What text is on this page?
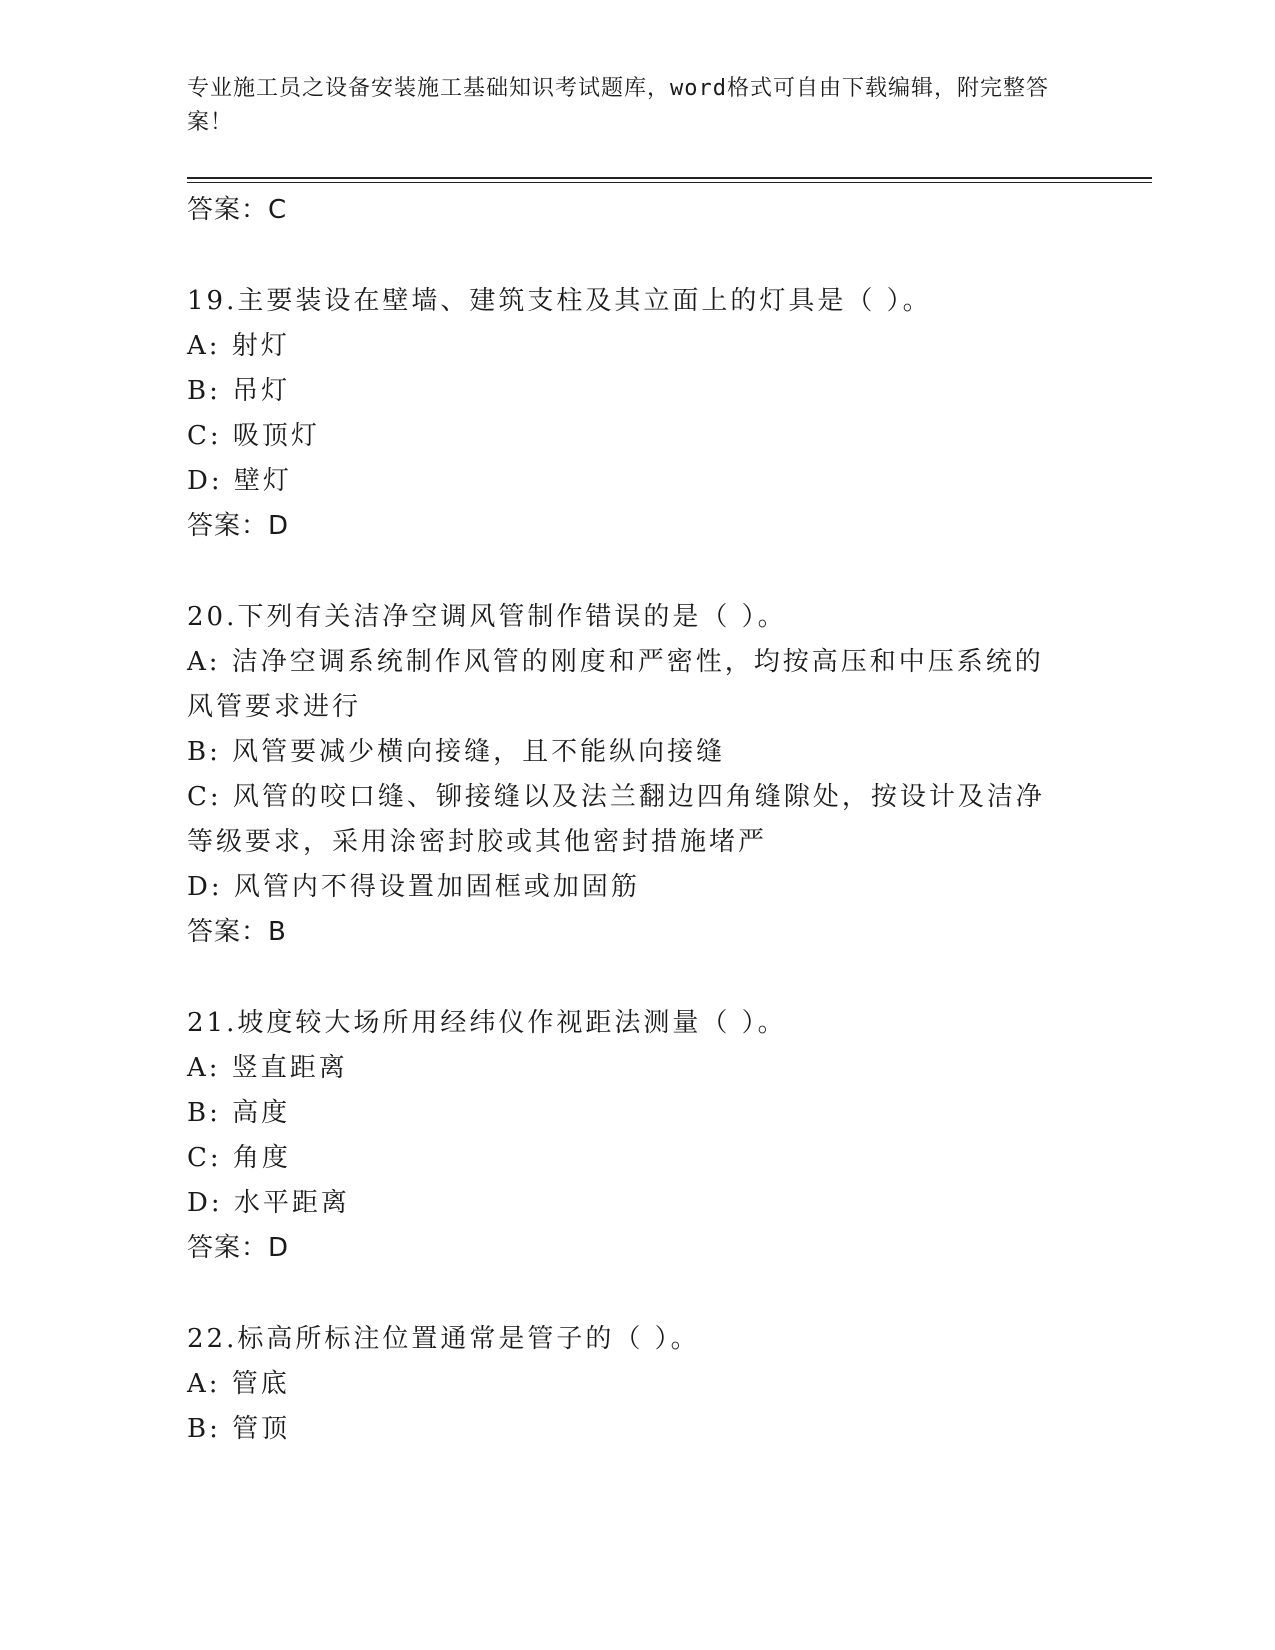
专业施工员之设备安装施工基础知识考试题库，word格式可自由下载编辑，附完整答案！
答案：C
19.主要装设在壁墙、建筑支柱及其立面上的灯具是（ ）。
A: 射灯
B: 吊灯
C: 吸顶灯
D: 壁灯
答案：D
20.下列有关洁净空调风管制作错误的是（ ）。
A: 洁净空调系统制作风管的刚度和严密性，均按高压和中压系统的风管要求进行
B: 风管要减少横向接缝，且不能纵向接缝
C: 风管的咬口缝、铆接缝以及法兰翻边四角缝隙处，按设计及洁净等级要求，采用涂密封胶或其他密封措施堵严
D: 风管内不得设置加固框或加固筋
答案：B
21.坡度较大场所用经纬仪作视距法测量（ ）。
A: 竖直距离
B: 高度
C: 角度
D: 水平距离
答案：D
22.标高所标注位置通常是管子的（ ）。
A: 管底
B: 管顶
